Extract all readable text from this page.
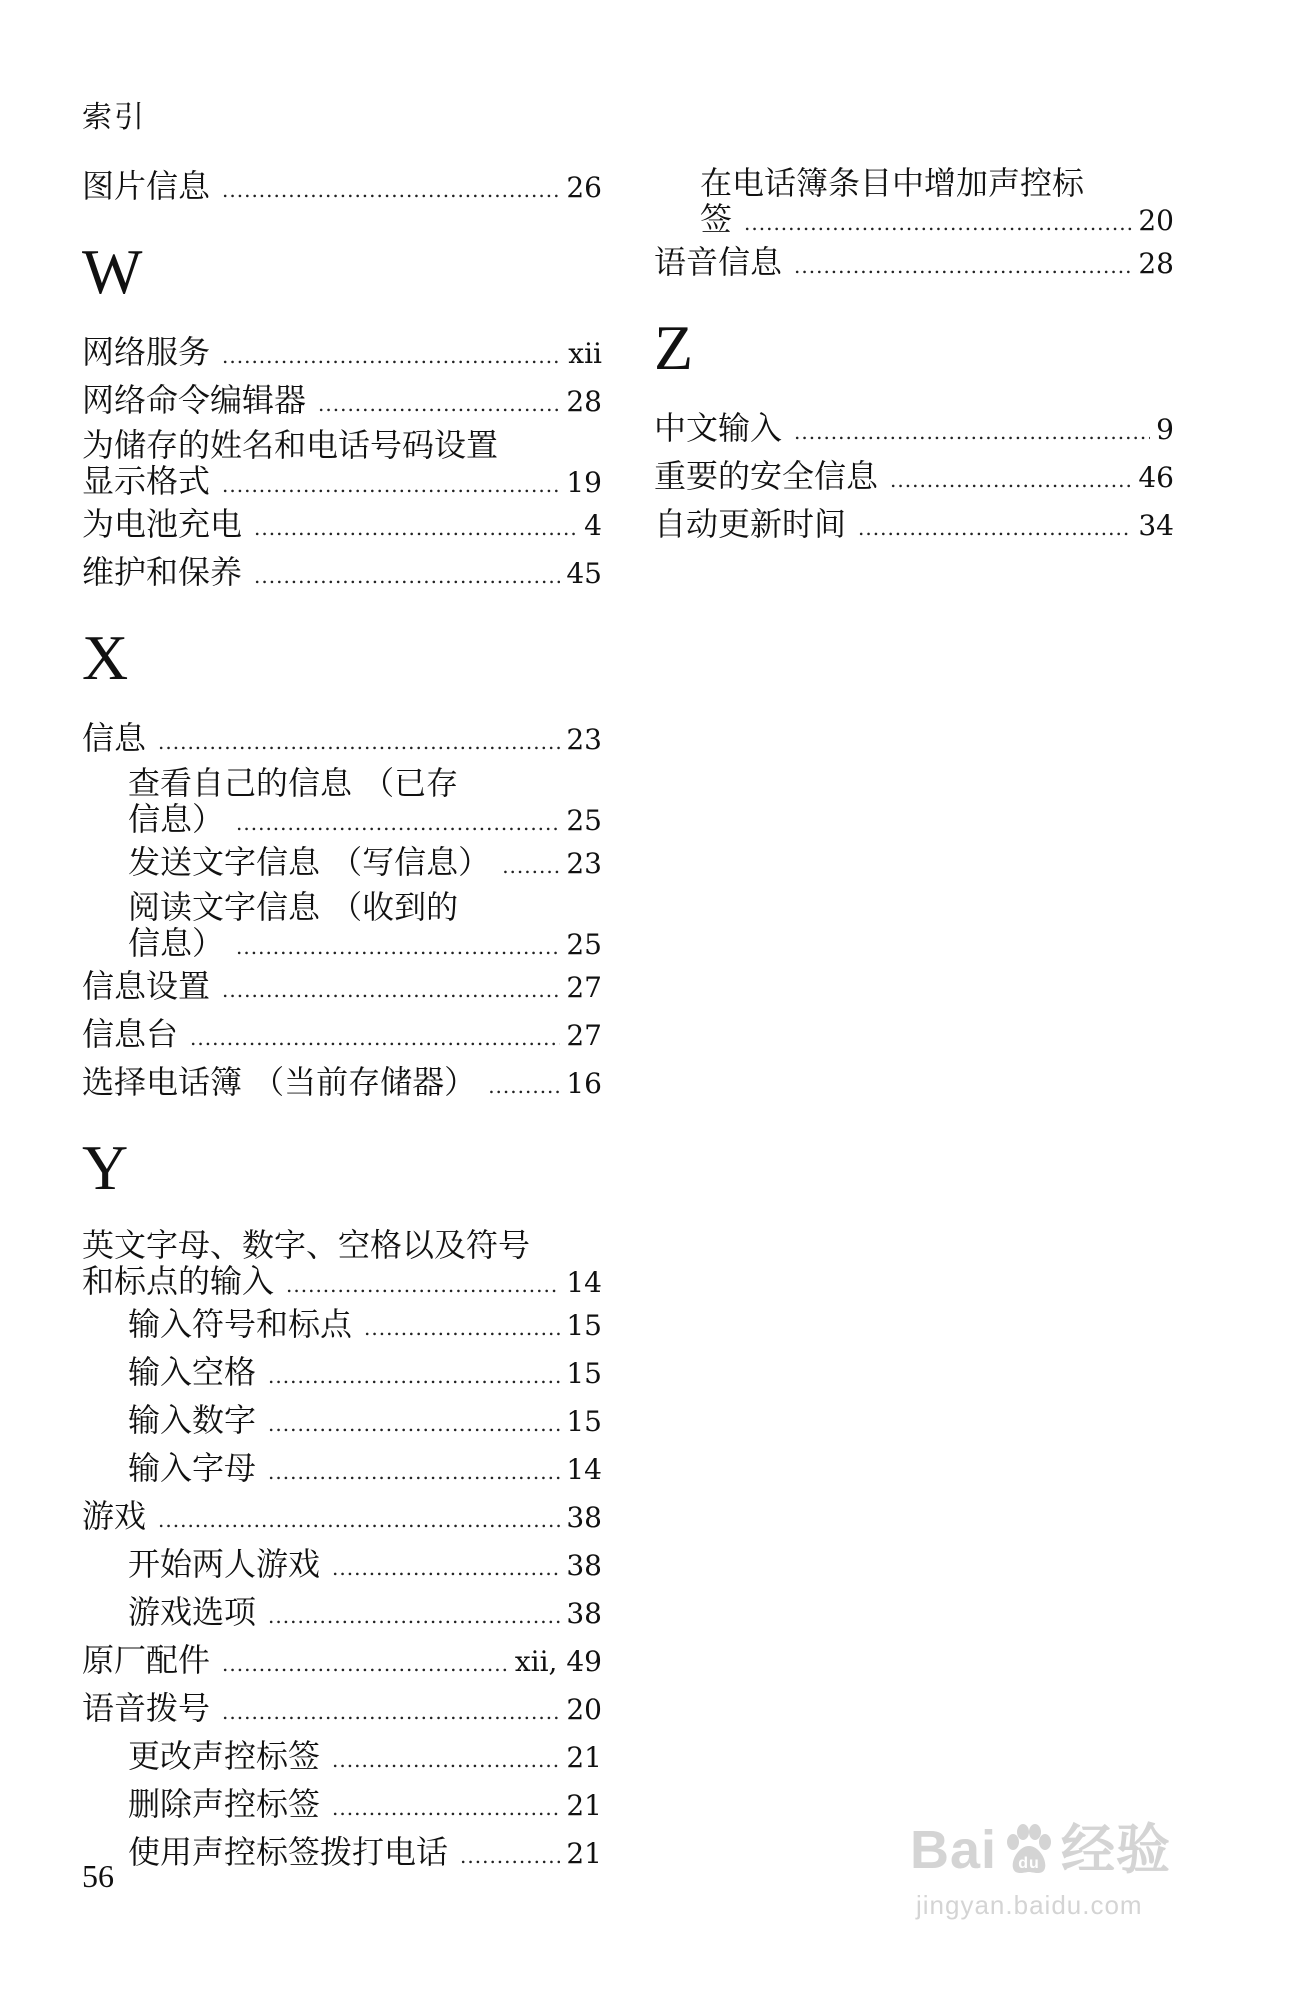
索引
图片信息 .....	26
W
网络服务 .....	xii
网络命令编辑器 .....	28
为储存的姓名和电话号码设置
显示格式 .....	19
为电池充电 .....	4
维护和保养 .....	45
X
信息 .....	23
查看自己的信息 （已存
信息） .....	25
发送文字信息 （写信息） .....	23
阅读文字信息 （收到的
信息） .....	25
信息设置 .....	27
信息台 .....	27
选择电话簿 （当前存储器） .....	16
Y
英文字母、数字、空格以及符号
和标点的输入 .....	14
输入符号和标点 .....	15
输入空格 .....	15
输入数字 .....	15
输入字母 .....	14
游戏 .....	38
开始两人游戏 .....	38
游戏选项 .....	38
原厂配件 .....	xii, 49
语音拨号 .....	20
更改声控标签 .....	21
删除声控标签 .....	21
使用声控标签拨打电话 .....	21
在电话簿条目中增加声控标
签 .....	20
语音信息 .....	28
Z
中文输入 .....	9
重要的安全信息 .....	46
自动更新时间 .....	34
56	Bai du 经验
jingyan.baidu.com
